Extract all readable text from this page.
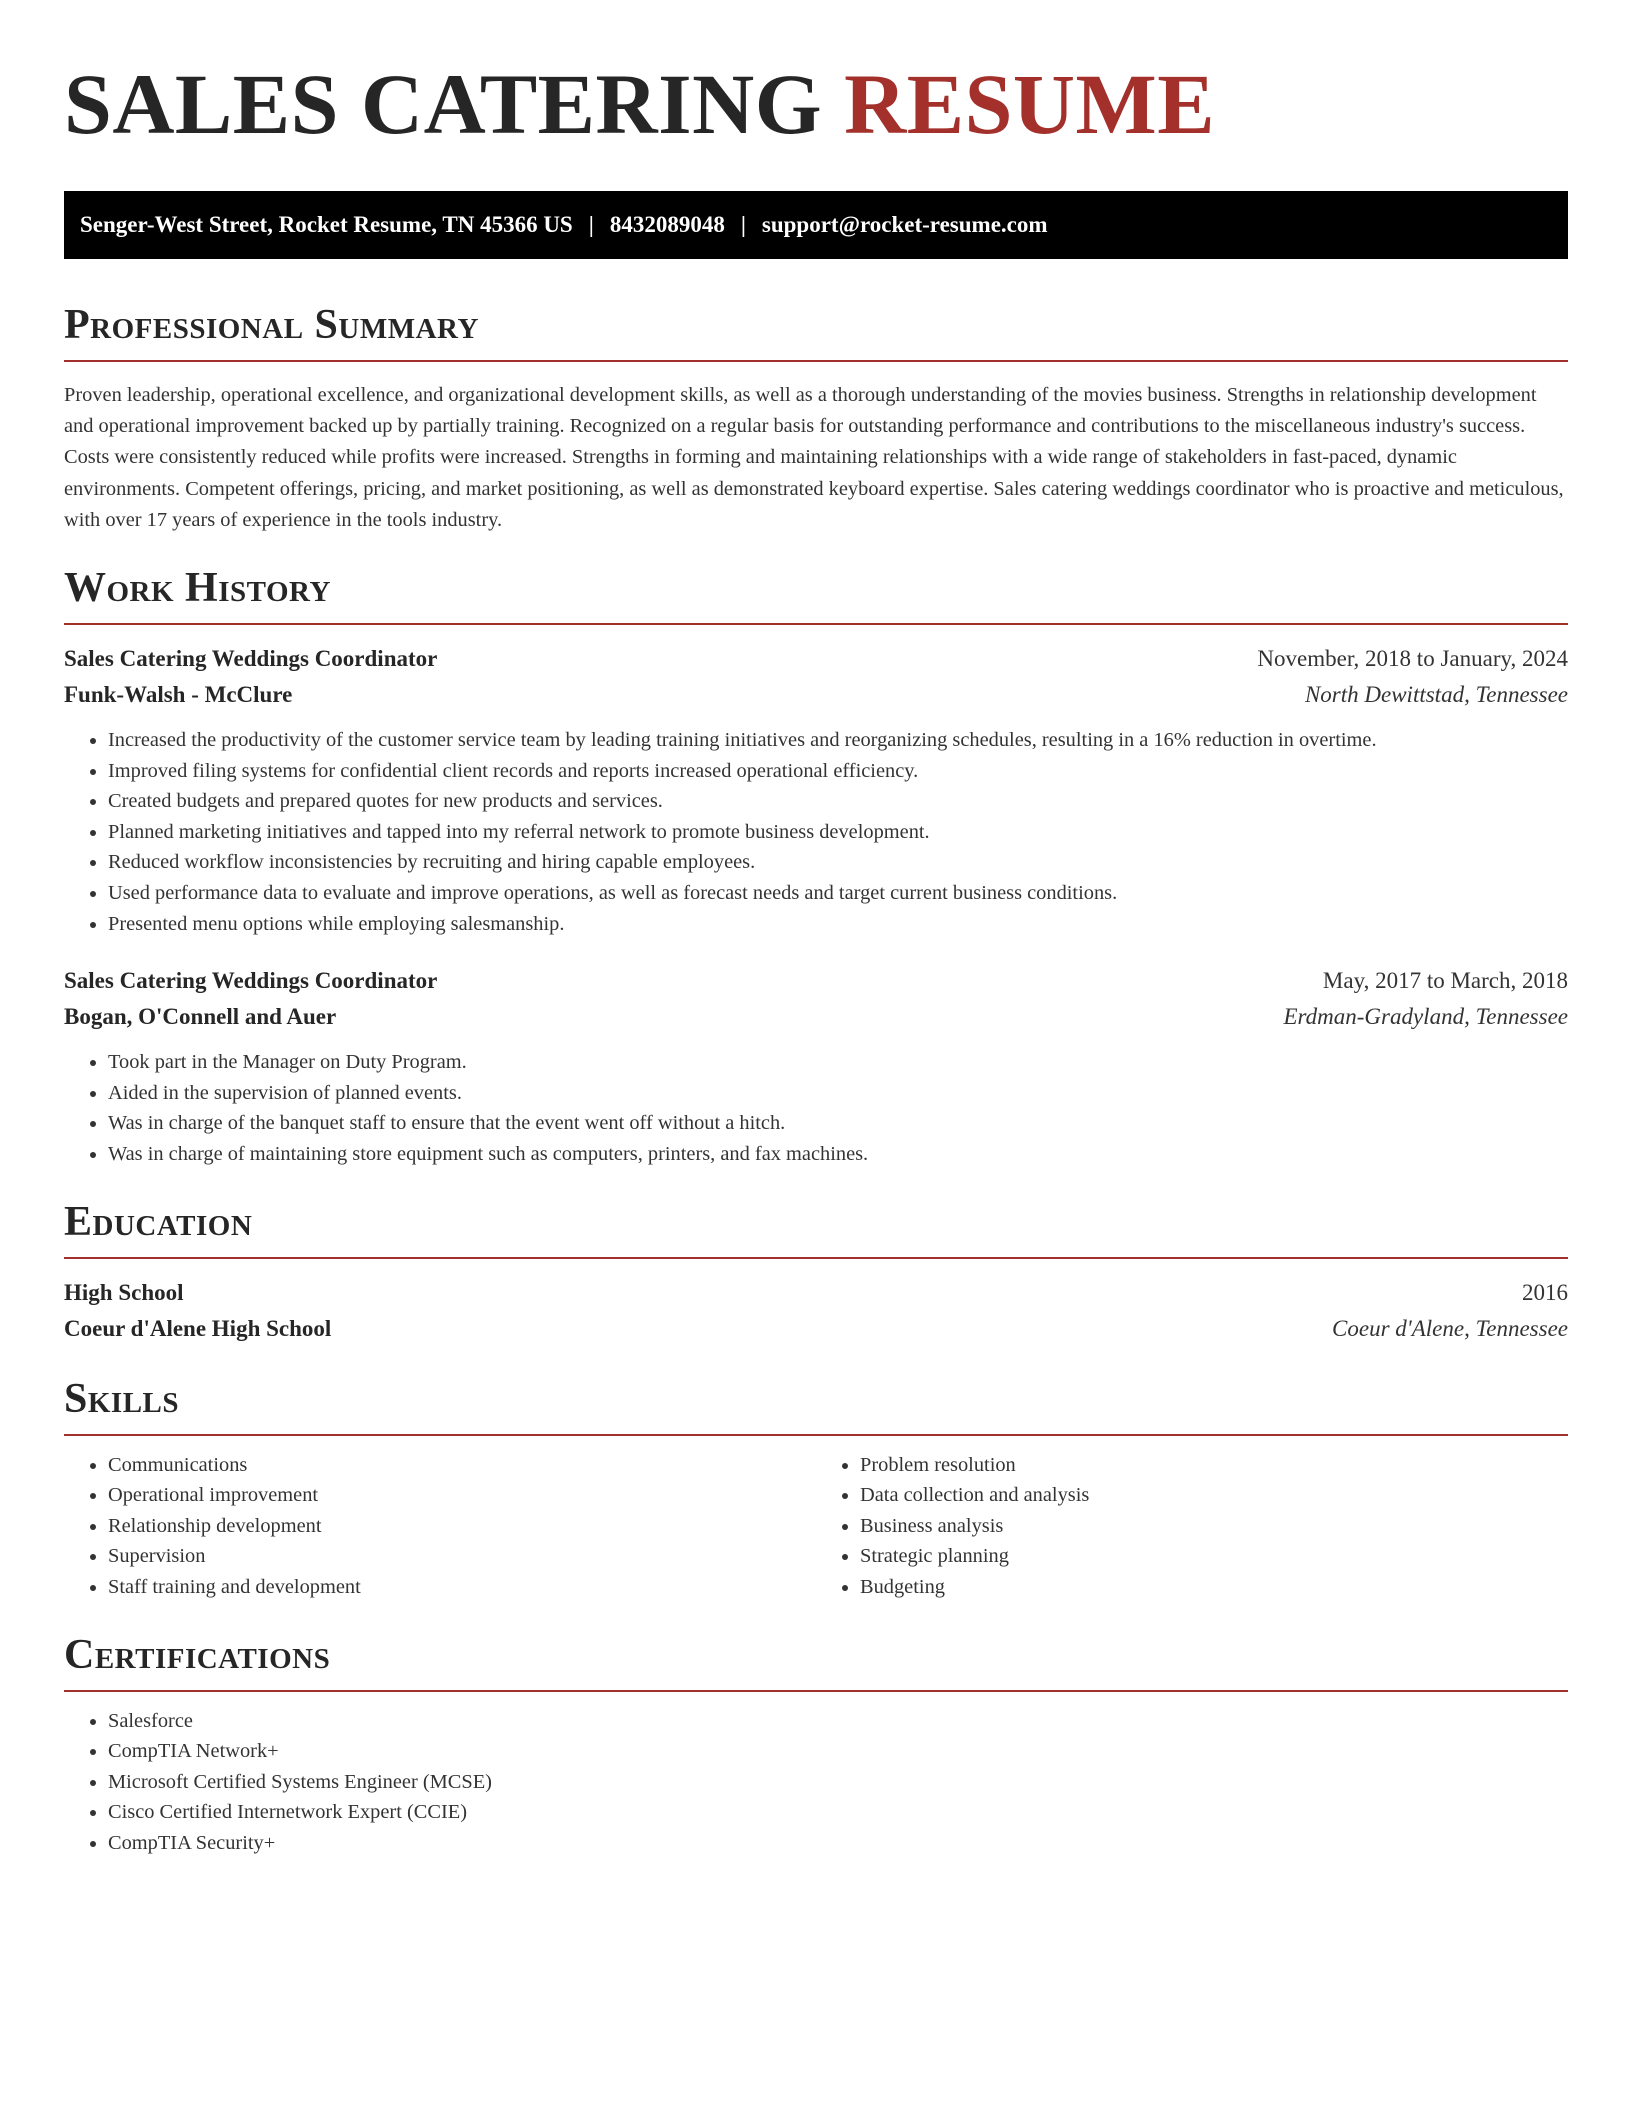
SALES CATERING RESUME
Senger-West Street, Rocket Resume, TN 45366 US | 8432089048 | support@rocket-resume.com
Professional Summary

Proven leadership, operational excellence, and organizational development skills, as well as a thorough understanding of the movies business. Strengths in relationship development and operational improvement backed up by partially training. Recognized on a regular basis for outstanding performance and contributions to the miscellaneous industry's success. Costs were consistently reduced while profits were increased. Strengths in forming and maintaining relationships with a wide range of stakeholders in fast-paced, dynamic environments. Competent offerings, pricing, and market positioning, as well as demonstrated keyboard expertise. Sales catering weddings coordinator who is proactive and meticulous, with over 17 years of experience in the tools industry.

Work History
Sales Catering Weddings Coordinator	November, 2018 to January, 2024
Funk-Walsh - McClure	North Dewittstad, Tennessee
• Increased the productivity of the customer service team by leading training initiatives and reorganizing schedules, resulting in a 16% reduction in overtime.
• Improved filing systems for confidential client records and reports increased operational efficiency.
• Created budgets and prepared quotes for new products and services.
• Planned marketing initiatives and tapped into my referral network to promote business development.
• Reduced workflow inconsistencies by recruiting and hiring capable employees.
• Used performance data to evaluate and improve operations, as well as forecast needs and target current business conditions.
• Presented menu options while employing salesmanship.
Sales Catering Weddings Coordinator	May, 2017 to March, 2018
Bogan, O'Connell and Auer	Erdman-Gradyland, Tennessee
• Took part in the Manager on Duty Program.
• Aided in the supervision of planned events.
• Was in charge of the banquet staff to ensure that the event went off without a hitch.
• Was in charge of maintaining store equipment such as computers, printers, and fax machines.
Education
High School	2016
Coeur d'Alene High School	Coeur d'Alene, Tennessee
Skills
• Communications
• Operational improvement
• Relationship development
• Supervision
• Staff training and development
• Problem resolution
• Data collection and analysis
• Business analysis
• Strategic planning
• Budgeting
Certifications
• Salesforce
• CompTIA Network+
• Microsoft Certified Systems Engineer (MCSE)
• Cisco Certified Internetwork Expert (CCIE)
• CompTIA Security+
